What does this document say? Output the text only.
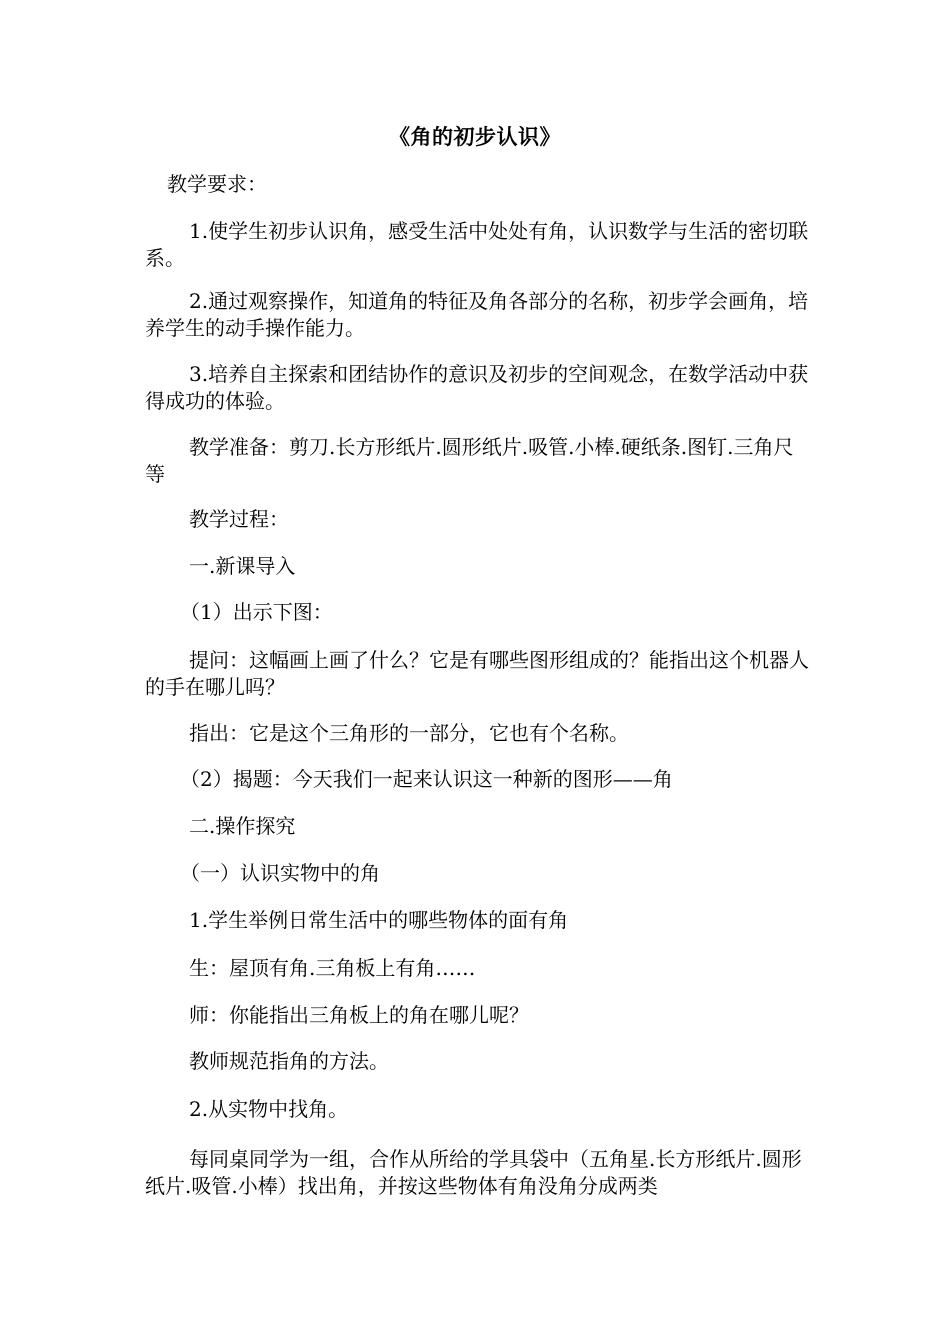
《角的初步认识》

教学要求：

1.使学生初步认识角，感受生活中处处有角，认识数学与生活的密切联系。

2.通过观察操作，知道角的特征及角各部分的名称，初步学会画角，培养学生的动手操作能力。

3.培养自主探索和团结协作的意识及初步的空间观念，在数学活动中获得成功的体验。

教学准备：剪刀.长方形纸片.圆形纸片.吸管.小棒.硬纸条.图钉.三角尺等

教学过程：

一.新课导入

（1）出示下图：

提问：这幅画上画了什么？它是有哪些图形组成的？能指出这个机器人的手在哪儿吗？

指出：它是这个三角形的一部分，它也有个名称。

（2）揭题：今天我们一起来认识这一种新的图形——角

二.操作探究

（一）认识实物中的角

1.学生举例日常生活中的哪些物体的面有角

生：屋顶有角.三角板上有角……

师：你能指出三角板上的角在哪儿呢？

教师规范指角的方法。

2.从实物中找角。

每同桌同学为一组，合作从所给的学具袋中（五角星.长方形纸片.圆形纸片.吸管.小棒）找出角，并按这些物体有角没角分成两类
